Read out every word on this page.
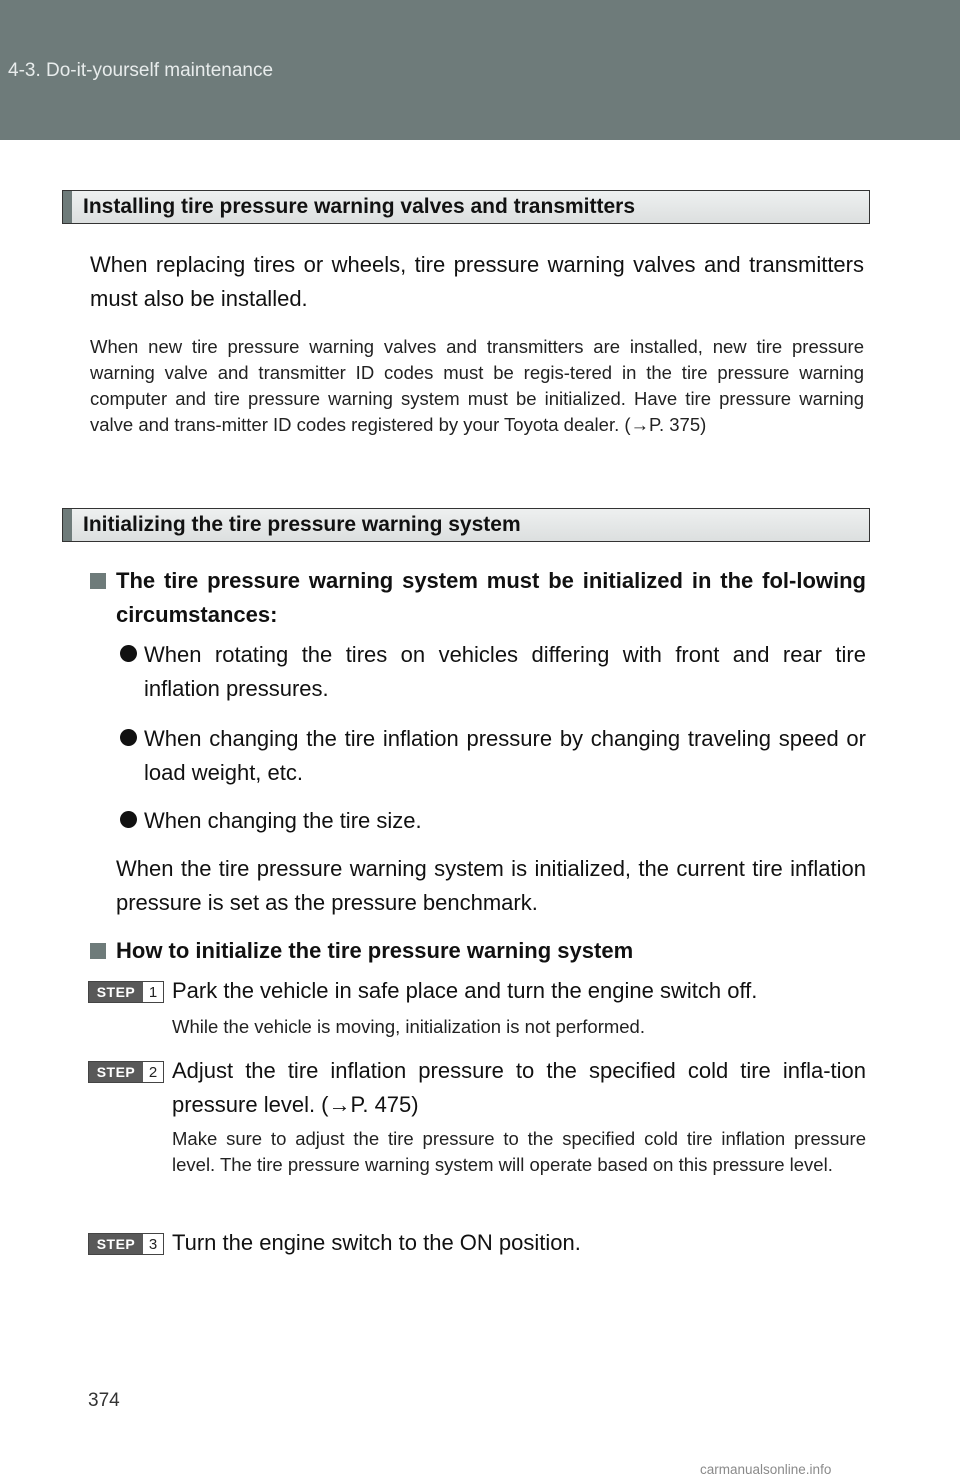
4-3. Do-it-yourself maintenance
Installing tire pressure warning valves and transmitters
When replacing tires or wheels, tire pressure warning valves and transmitters must also be installed.
When new tire pressure warning valves and transmitters are installed, new tire pressure warning valve and transmitter ID codes must be regis-tered in the tire pressure warning computer and tire pressure warning system must be initialized. Have tire pressure warning valve and trans-mitter ID codes registered by your Toyota dealer. (→P. 375)
Initializing the tire pressure warning system
The tire pressure warning system must be initialized in the fol-lowing circumstances:
When rotating the tires on vehicles differing with front and rear tire inflation pressures.
When changing the tire inflation pressure by changing traveling speed or load weight, etc.
When changing the tire size.
When the tire pressure warning system is initialized, the current tire inflation pressure is set as the pressure benchmark.
How to initialize the tire pressure warning system
STEP 1 Park the vehicle in safe place and turn the engine switch off.
While the vehicle is moving, initialization is not performed.
STEP 2 Adjust the tire inflation pressure to the specified cold tire infla-tion pressure level. (→P. 475)
Make sure to adjust the tire pressure to the specified cold tire inflation pressure level. The tire pressure warning system will operate based on this pressure level.
STEP 3 Turn the engine switch to the ON position.
374
carmanualsonline.info
